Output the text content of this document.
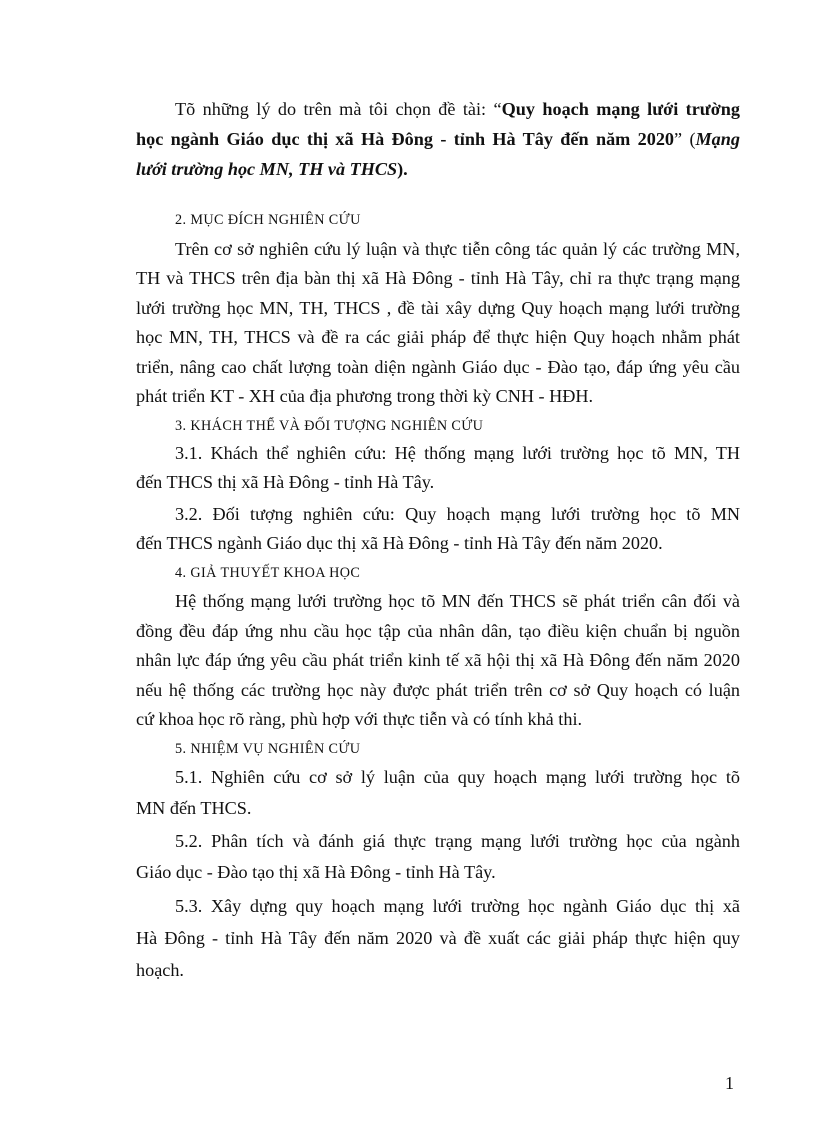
Tõ những lý do trên mà tôi chọn đề tài: “Quy hoạch mạng lưới trường
học ngành Giáo dục thị xã Hà Đông - tỉnh Hà Tây đến năm 2020” (Mạng
lưới trường học MN, TH và THCS).
2. MỤC ĐÍCH NGHIÊN CỨU
Trên cơ sở nghiên cứu lý luận và thực tiễn công tác quản lý các trường MN,
TH và THCS trên địa bàn thị xã Hà Đông - tỉnh Hà Tây, chỉ ra thực trạng mạng
lưới trường học MN, TH, THCS , đề tài xây dựng Quy hoạch mạng lưới trường
học MN, TH, THCS và đề ra các giải pháp để thực hiện Quy hoạch nhằm phát
triển, nâng cao chất lượng toàn diện ngành Giáo dục - Đào tạo, đáp ứng yêu cầu
phát triển KT - XH của địa phương trong thời kỳ CNH - HĐH.
3. KHÁCH THỂ VÀ ĐỐI TƯỢNG NGHIÊN CỨU
3.1. Khách thể nghiên cứu: Hệ thống mạng lưới trường học tõ MN, TH
đến THCS thị xã Hà Đông - tỉnh Hà Tây.
3.2. Đối tượng nghiên cứu: Quy hoạch mạng lưới trường học tõ MN
đến THCS ngành Giáo dục thị xã Hà Đông - tỉnh Hà Tây đến năm 2020.
4. GIẢ THUYẾT KHOA HỌC
Hệ thống mạng lưới trường học tõ MN đến THCS sẽ phát triển cân đối và
đồng đều đáp ứng nhu cầu học tập của nhân dân, tạo điều kiện chuẩn bị nguồn
nhân lực đáp ứng yêu cầu phát triển kinh tế xã hội thị xã Hà Đông đến năm 2020
nếu hệ thống các trường học này được phát triển trên cơ sở Quy hoạch có luận
cứ khoa học rõ ràng, phù hợp với thực tiễn và có tính khả thi.
5. NHIỆM VỤ NGHIÊN CỨU
5.1. Nghiên cứu cơ sở lý luận của quy hoạch mạng lưới trường học tõ
MN đến THCS.
5.2. Phân tích và đánh giá thực trạng mạng lưới trường học của ngành
Giáo dục - Đào tạo thị xã Hà Đông - tỉnh Hà Tây.
5.3. Xây dựng quy hoạch mạng lưới trường học ngành Giáo dục thị xã
Hà Đông - tỉnh Hà Tây đến năm 2020 và đề xuất các giải pháp thực hiện quy
hoạch.
1
